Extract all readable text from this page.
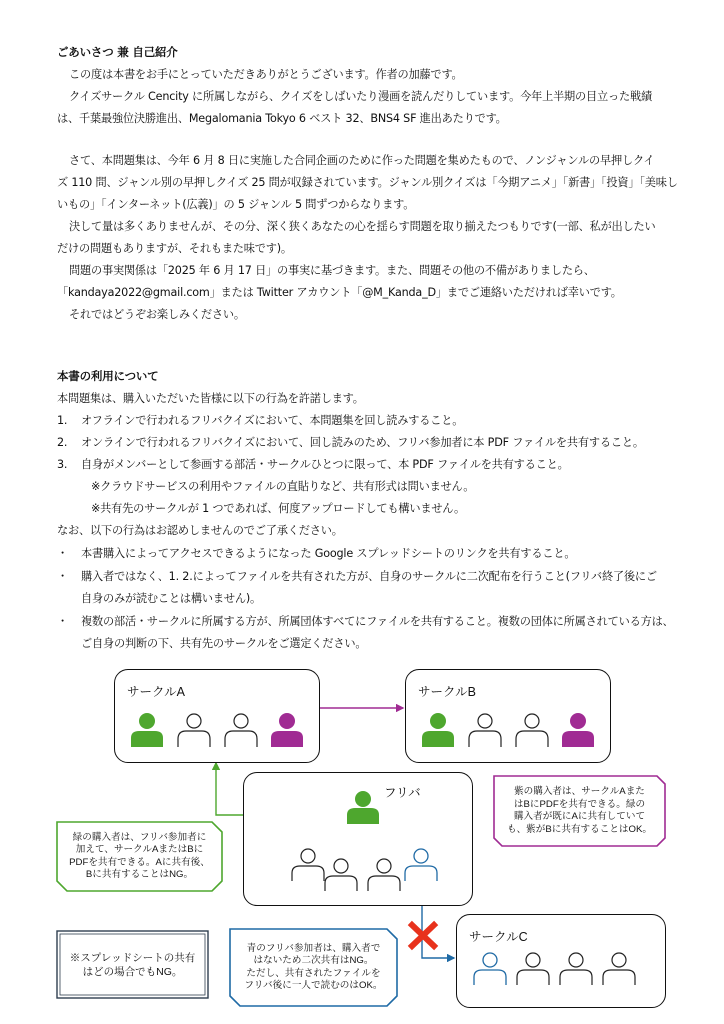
ごあいさつ 兼 自己紹介
この度は本書をお手にとっていただきありがとうございます。作者の加藤です。
クイズサークル Cencity に所属しながら、クイズをしばいたり漫画を読んだりしています。今年上半期の目立った戦績
は、千葉最強位決勝進出、Megalomania Tokyo 6 ベスト 32、BNS4 SF 進出あたりです。
さて、本問題集は、今年 6 月 8 日に実施した合同企画のために作った問題を集めたもので、ノンジャンルの早押しクイ
ズ 110 問、ジャンル別の早押しクイズ 25 問が収録されています。ジャンル別クイズは「今期アニメ」「新書」「投資」「美味し
いもの」「インターネット(広義)」の 5 ジャンル 5 問ずつからなります。
決して量は多くありませんが、その分、深く狭くあなたの心を揺らす問題を取り揃えたつもりです(一部、私が出したい
だけの問題もありますが、それもまた味です)。
問題の事実関係は「2025 年 6 月 17 日」の事実に基づきます。また、問題その他の不備がありましたら、
「kandaya2022@gmail.com」または Twitter アカウント「@M_Kanda_D」までご連絡いただければ幸いです。
それではどうぞお楽しみください。
本書の利用について
本問題集は、購入いただいた皆様に以下の行為を許諾します。
1. オフラインで行われるフリバクイズにおいて、本問題集を回し読みすること。
2. オンラインで行われるフリバクイズにおいて、回し読みのため、フリバ参加者に本 PDF ファイルを共有すること。
3. 自身がメンバーとして参画する部活・サークルひとつに限って、本 PDF ファイルを共有すること。
※クラウドサービスの利用やファイルの直貼りなど、共有形式は問いません。
※共有先のサークルが 1 つであれば、何度アップロードしても構いません。
なお、以下の行為はお認めしませんのでご了承ください。
・ 本書購入によってアクセスできるようになった Google スプレッドシートのリンクを共有すること。
・ 購入者ではなく、1. 2.によってファイルを共有された方が、自身のサークルに二次配布を行うこと(フリバ終了後にご
自身のみが読むことは構いません)。
・ 複数の部活・サークルに所属する方が、所属団体すべてにファイルを共有すること。複数の団体に所属されている方は、
ご自身の判断の下、共有先のサークルをご選定ください。
サークルA	サークルB
フリバ
サークルC
紫の購入者は、サークルAまた
はBにPDFを共有できる。緑の
購入者が既にAに共有していて
も、紫がBに共有することはOK。
緑の購入者は、フリバ参加者に
加えて、サークルAまたはBに
PDFを共有できる。Aに共有後、
Bに共有することはNG。
青のフリバ参加者は、購入者で
はないため二次共有はNG。
ただし、共有されたファイルを
フリバ後に一人で読むのはOK。
※スプレッドシートの共有
はどの場合でもNG。
